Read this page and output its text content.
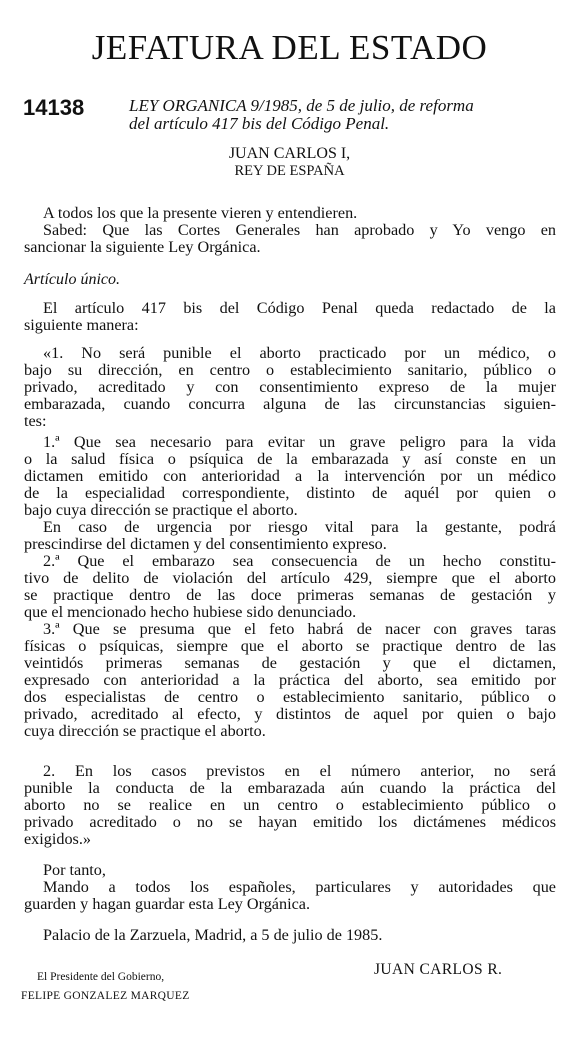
JEFATURA DEL ESTADO
14138	LEY ORGANICA 9/1985, de 5 de julio, de reforma
del artículo 417 bis del Código Penal.
JUAN CARLOS I,
REY DE ESPAÑA
A todos los que la presente vieren y entendieren.
Sabed: Que las Cortes Generales han aprobado y Yo vengo en
sancionar la siguiente Ley Orgánica.
Artículo único.
El artículo 417 bis del Código Penal queda redactado de la
siguiente manera:
«1. No será punible el aborto practicado por un médico, o
bajo su dirección, en centro o establecimiento sanitario, público o
privado, acreditado y con consentimiento expreso de la mujer
embarazada, cuando concurra alguna de las circunstancias siguien-
tes:
1.ª Que sea necesario para evitar un grave peligro para la vida
o la salud física o psíquica de la embarazada y así conste en un
dictamen emitido con anterioridad a la intervención por un médico
de la especialidad correspondiente, distinto de aquél por quien o
bajo cuya dirección se practique el aborto.
En caso de urgencia por riesgo vital para la gestante, podrá
prescindirse del dictamen y del consentimiento expreso.
2.ª Que el embarazo sea consecuencia de un hecho constitu-
tivo de delito de violación del artículo 429, siempre que el aborto
se practique dentro de las doce primeras semanas de gestación y
que el mencionado hecho hubiese sido denunciado.
3.ª Que se presuma que el feto habrá de nacer con graves taras
físicas o psíquicas, siempre que el aborto se practique dentro de las
veintidós primeras semanas de gestación y que el dictamen,
expresado con anterioridad a la práctica del aborto, sea emitido por
dos especialistas de centro o establecimiento sanitario, público o
privado, acreditado al efecto, y distintos de aquel por quien o bajo
cuya dirección se practique el aborto.
2. En los casos previstos en el número anterior, no será
punible la conducta de la embarazada aún cuando la práctica del
aborto no se realice en un centro o establecimiento público o
privado acreditado o no se hayan emitido los dictámenes médicos
exigidos.»
Por tanto,
Mando a todos los españoles, particulares y autoridades que
guarden y hagan guardar esta Ley Orgánica.
Palacio de la Zarzuela, Madrid, a 5 de julio de 1985.
JUAN CARLOS R.
El Presidente del Gobierno,
FELIPE GONZALEZ MARQUEZ
